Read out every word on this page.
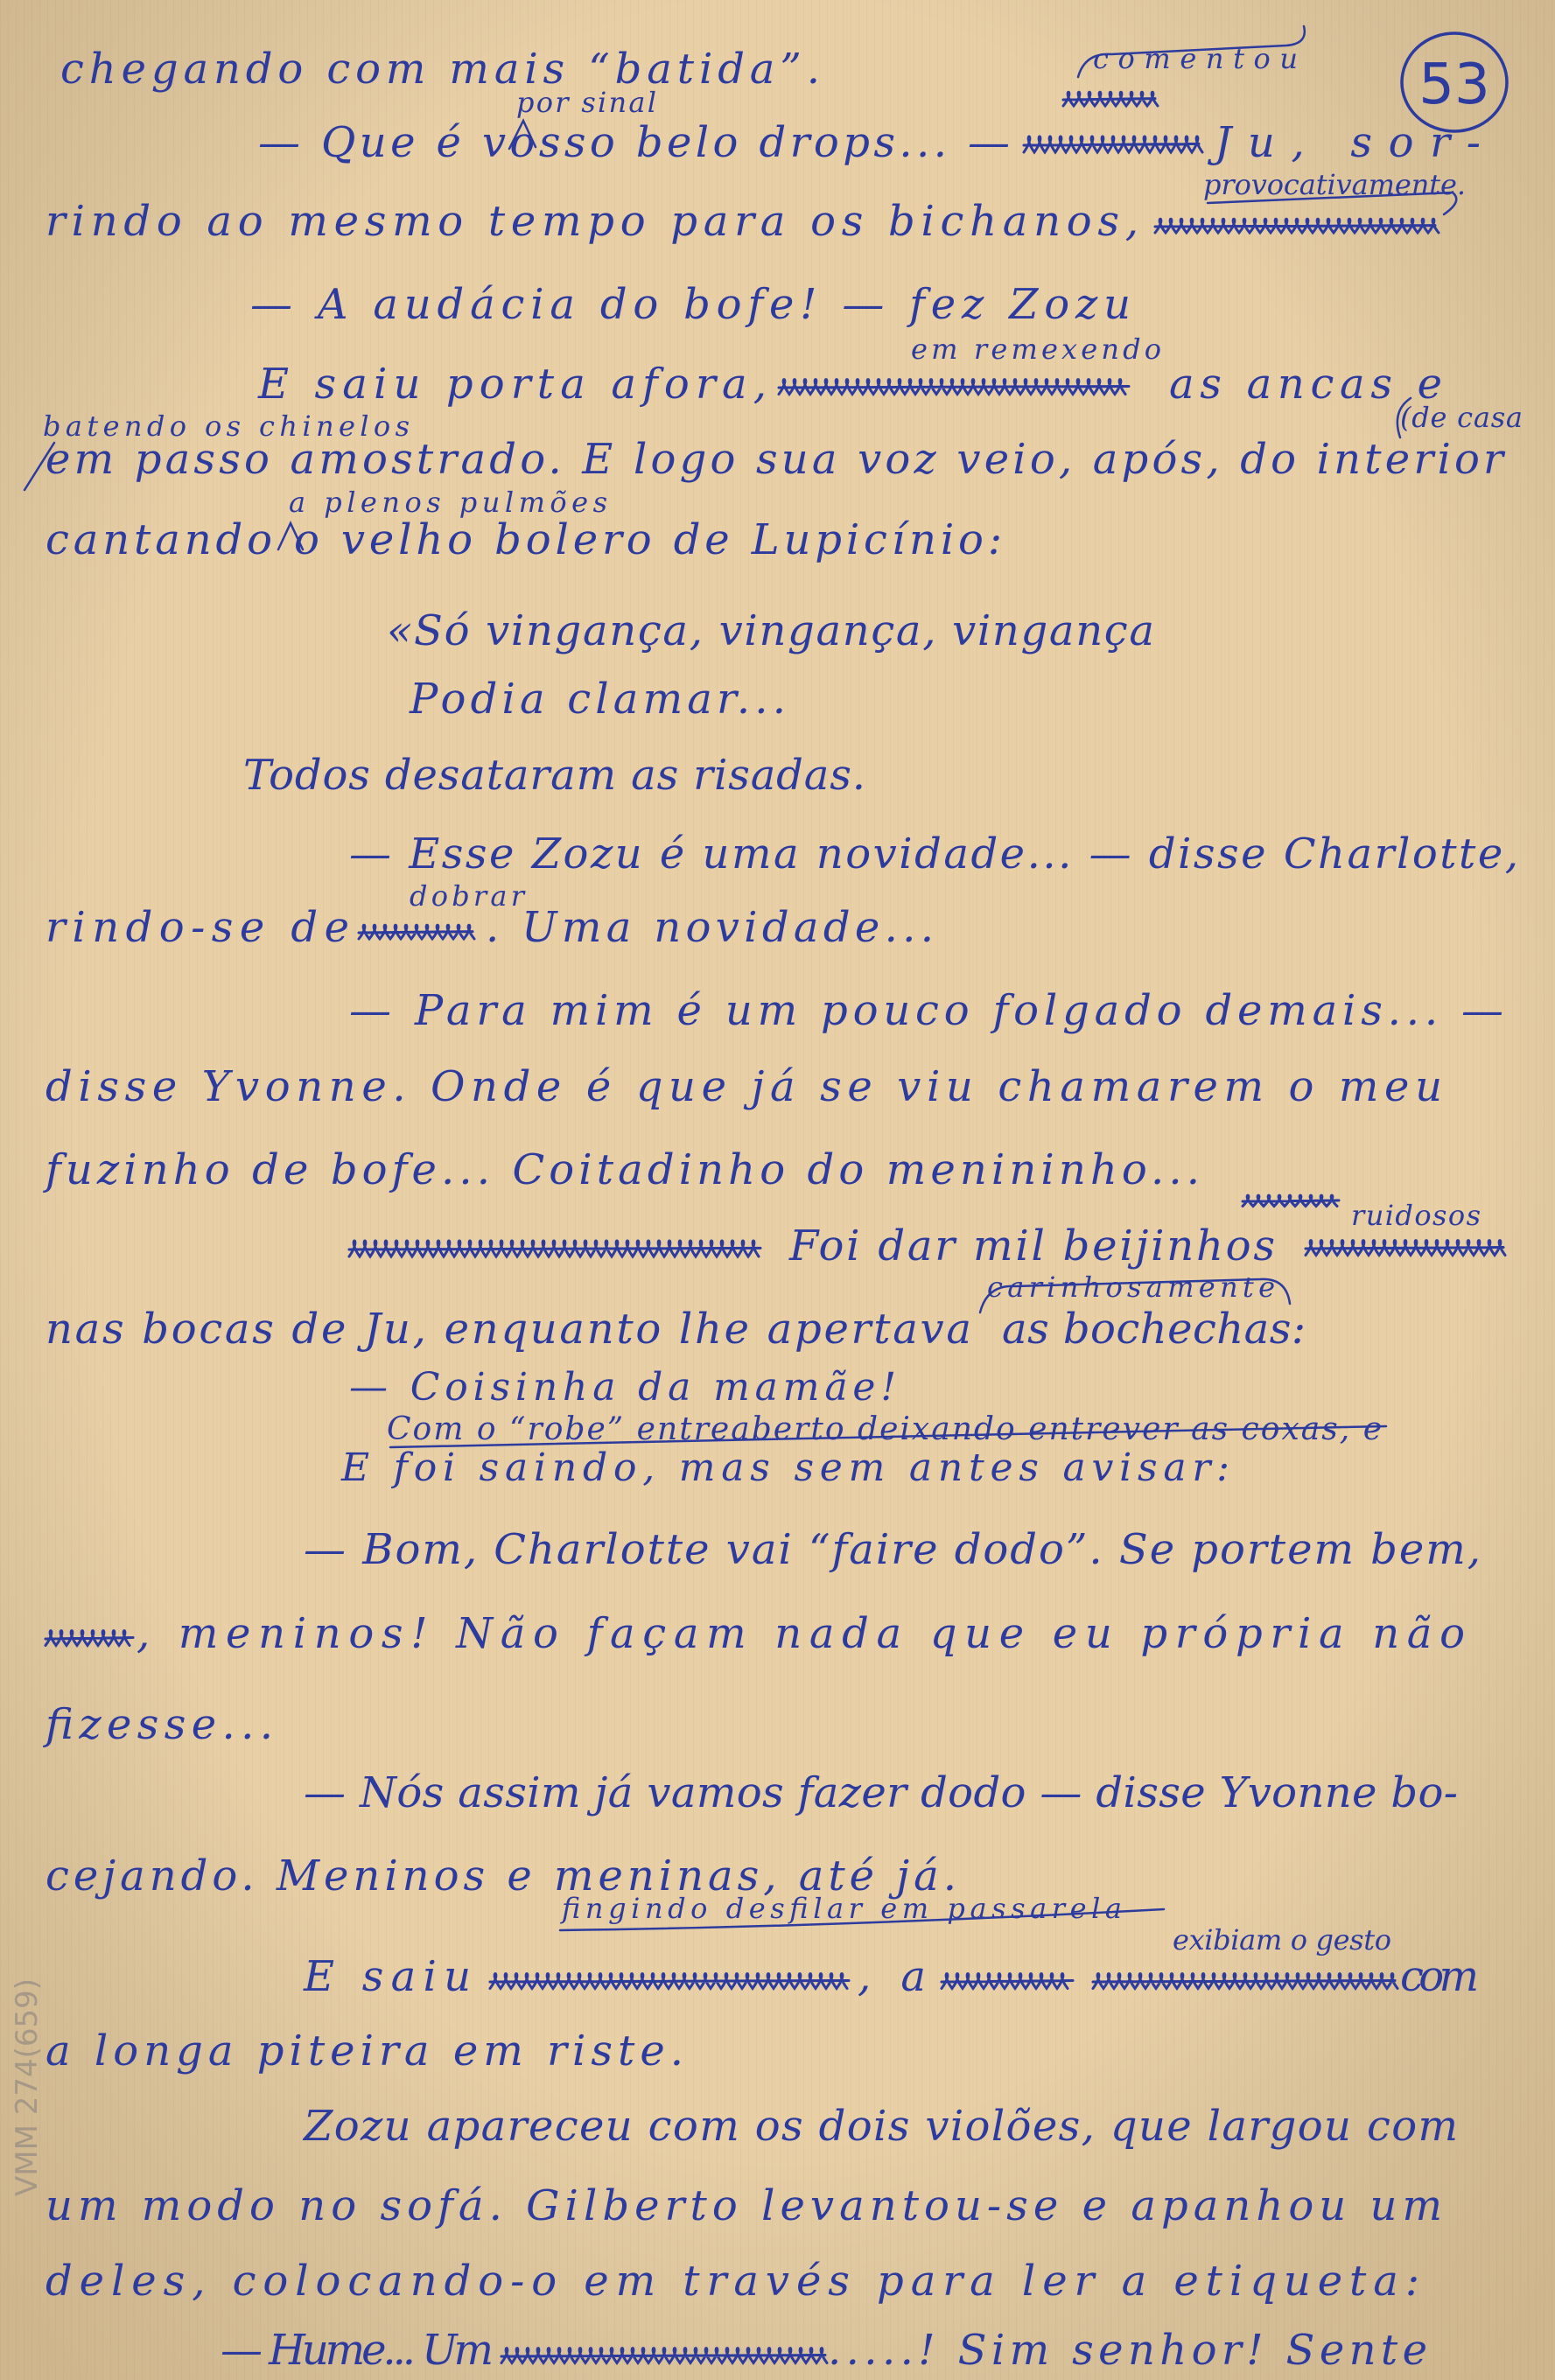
53
VMM 274(659)
chegando com mais “batida”.
— Que é vosso belo drops... —	Ju, sor-
rindo ao mesmo tempo para os bichanos,
— A audácia do bofe! — fez Zozu
E saiu porta afora,	as ancas e
em passo amostrado. E logo sua voz veio, após, do interior
cantando o velho bolero de Lupicínio:
«Só vingança, vingança, vingança
Podia clamar...
Todos desataram as risadas.
— Esse Zozu é uma novidade... — disse Charlotte,
rindo-se de	. Uma novidade...
— Para mim é um pouco folgado demais... —
disse Yvonne. Onde é que já se viu chamarem o meu
fuzinho de bofe... Coitadinho do menininho...
Foi dar mil beijinhos
nas bocas de Ju, enquanto lhe apertava as bochechas:
— Coisinha da mamãe!
E foi saindo, mas sem antes avisar:
— Bom, Charlotte vai “faire dodo”. Se portem bem,
, meninos! Não façam nada que eu própria não
fizesse...
— Nós assim já vamos fazer dodo — disse Yvonne bo-
cejando. Meninos e meninas, até já.
E saiu	, a	com
a longa piteira em riste.
Zozu apareceu com os dois violões, que largou com
um modo no sofá. Gilberto levantou-se e apanhou um
deles, colocando-o em través para ler a etiqueta:
— Hume... Um	.....! Sim senhor! Sente
comentou
por sinal
provocativamente.
em remexendo
batendo os chinelos	(de casa
a plenos pulmões
dobrar
ruidosos
carinhosamente
Com o “robe” entreaberto deixando entrever as coxas, e
fingindo desfilar em passarela
exibiam o gesto
